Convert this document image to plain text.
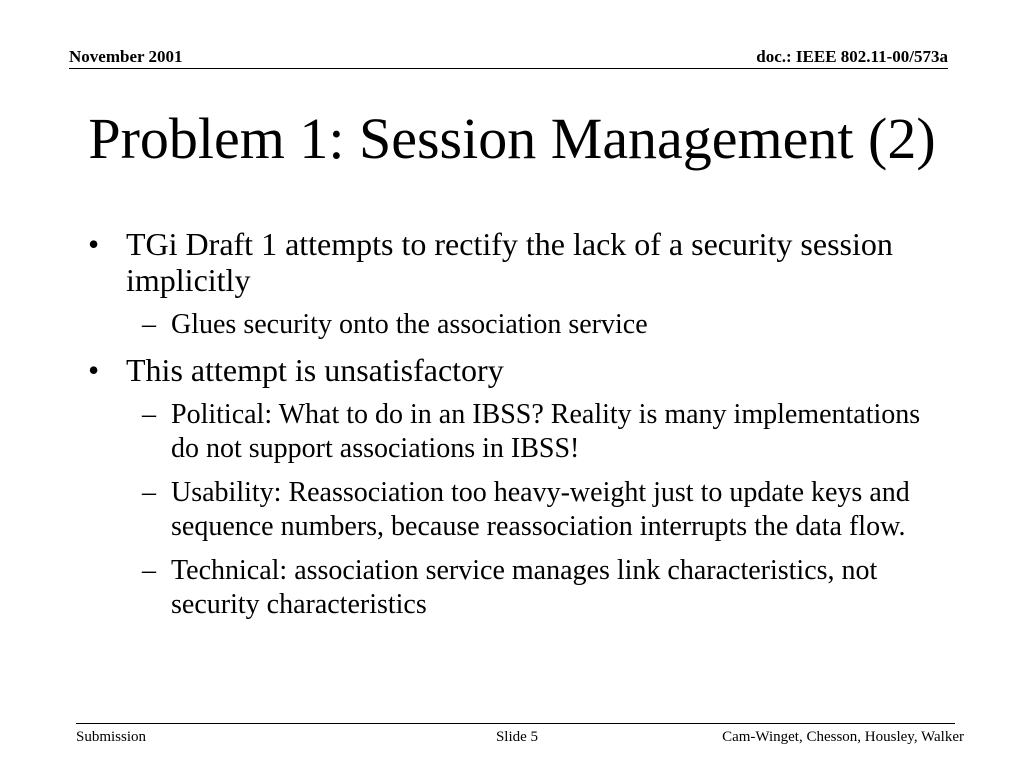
November 2001	doc.: IEEE 802.11-00/573a
Problem 1: Session Management (2)
• TGi Draft 1 attempts to rectify the lack of a security session implicitly
– Glues security onto the association service
• This attempt is unsatisfactory
– Political: What to do in an IBSS? Reality is many implementations do not support associations in IBSS!
– Usability: Reassociation too heavy-weight just to update keys and sequence numbers, because reassociation interrupts the data flow.
– Technical: association service manages link characteristics, not security characteristics
Submission	Slide 5	Cam-Winget, Chesson, Housley, Walker
